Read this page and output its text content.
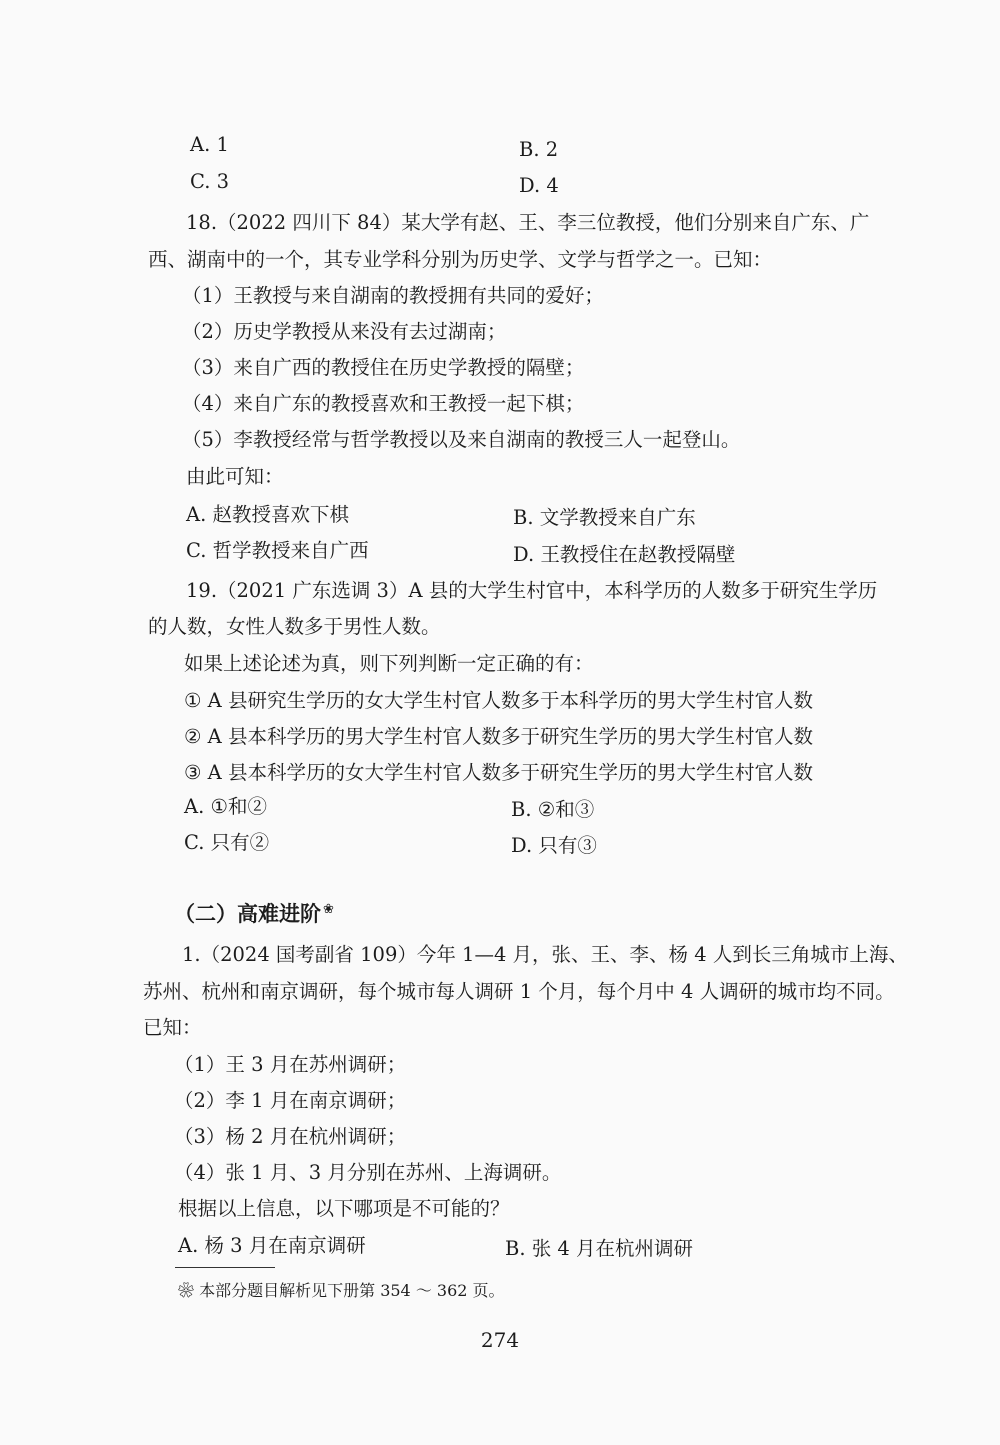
A. 1	B. 2
C. 3	D. 4
18.（2022 四川下 84）某大学有赵、王、李三位教授，他们分别来自广东、广
西、湖南中的一个，其专业学科分别为历史学、文学与哲学之一。已知：
（1）王教授与来自湖南的教授拥有共同的爱好；
（2）历史学教授从来没有去过湖南；
（3）来自广西的教授住在历史学教授的隔壁；
（4）来自广东的教授喜欢和王教授一起下棋；
（5）李教授经常与哲学教授以及来自湖南的教授三人一起登山。
由此可知：
A. 赵教授喜欢下棋	B. 文学教授来自广东
C. 哲学教授来自广西	D. 王教授住在赵教授隔壁
19.（2021 广东选调 3）A 县的大学生村官中，本科学历的人数多于研究生学历
的人数，女性人数多于男性人数。
如果上述论述为真，则下列判断一定正确的有：
① A 县研究生学历的女大学生村官人数多于本科学历的男大学生村官人数
② A 县本科学历的男大学生村官人数多于研究生学历的男大学生村官人数
③ A 县本科学历的女大学生村官人数多于研究生学历的男大学生村官人数
A. ①和②	B. ②和③
C. 只有②	D. 只有③
（二）高难进阶 ❀
1.（2024 国考副省 109）今年 1—4 月，张、王、李、杨 4 人到长三角城市上海、
苏州、杭州和南京调研，每个城市每人调研 1 个月，每个月中 4 人调研的城市均不同。
已知：
（1）王 3 月在苏州调研；
（2）李 1 月在南京调研；
（3）杨 2 月在杭州调研；
（4）张 1 月、3 月分别在苏州、上海调研。
根据以上信息，以下哪项是不可能的？
A. 杨 3 月在南京调研	B. 张 4 月在杭州调研
❀ 本部分题目解析见下册第 354 ～ 362 页。
274
